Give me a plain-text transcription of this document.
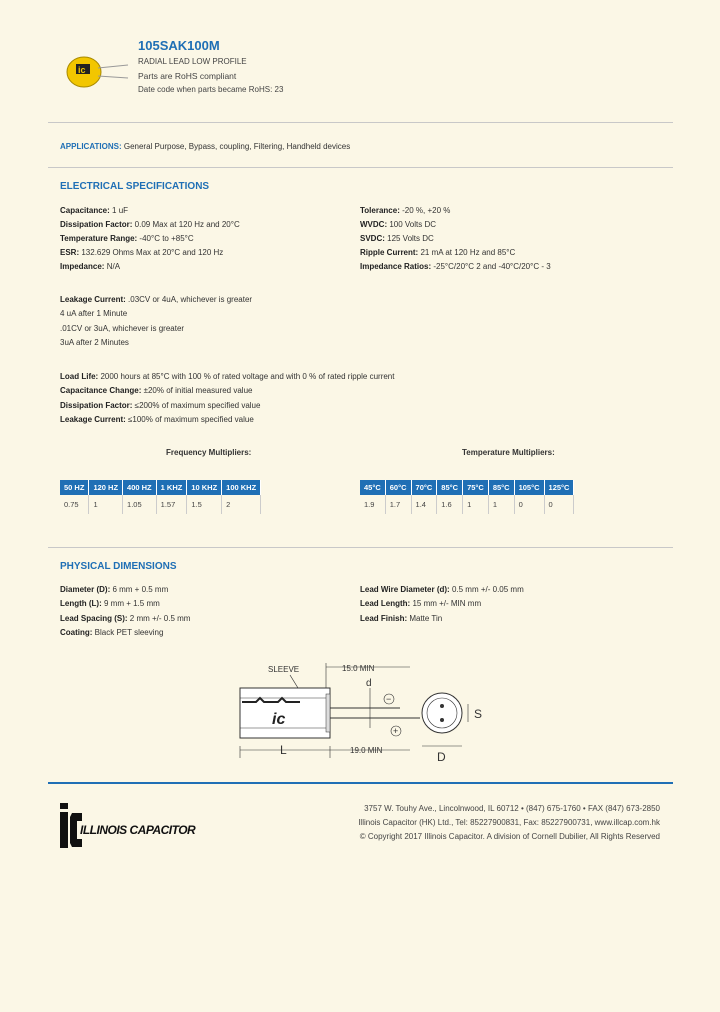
ic
105SAK100M
RADIAL LEAD LOW PROFILE
Parts are RoHS compliant
Date code when parts became RoHS: 23
APPLICATIONS: General Purpose, Bypass, coupling, Filtering, Handheld devices
ELECTRICAL SPECIFICATIONS
Capacitance: 1 uF
Dissipation Factor: 0.09 Max at 120 Hz and 20°C
Temperature Range: -40°C to +85°C
ESR: 132.629 Ohms Max at 20°C and 120 Hz
Impedance: N/A
Tolerance: -20 %, +20 %
WVDC: 100 Volts DC
SVDC: 125 Volts DC
Ripple Current: 21 mA at 120 Hz and 85°C
Impedance Ratios: -25°C/20°C 2 and -40°C/20°C - 3
Leakage Current: .03CV or 4uA, whichever is greater
4 uA after 1 Minute
.01CV or 3uA, whichever is greater
3uA after 2 Minutes
Load Life: 2000 hours at 85°C with 100 % of rated voltage and with 0 % of rated ripple current
Capacitance Change: ±20% of initial measured value
Dissipation Factor: ≤200% of maximum specified value
Leakage Current: ≤100% of maximum specified value
Frequency Multipliers:	Temperature Multipliers:
50 HZ	120 HZ	400 HZ	1 KHZ	10 KHZ	100 KHZ
0.75	1	1.05	1.57	1.5	2
45°C	60°C	70°C	85°C	75°C	85°C	105°C	125°C
1.9	1.7	1.4	1.6	1	1	0	0
PHYSICAL DIMENSIONS
Diameter (D): 6 mm + 0.5 mm
Length (L): 9 mm + 1.5 mm
Lead Spacing (S): 2 mm +/- 0.5 mm
Coating: Black PET sleeving
Lead Wire Diameter (d): 0.5 mm +/- 0.05 mm
Lead Length: 15 mm +/- MIN mm
Lead Finish: Matte Tin
SLEEVE
ic
15.0 MIN
L	19.0 MIN
d
−
+
S
D
ILLINOIS CAPACITOR
3757 W. Touhy Ave., Lincolnwood, IL 60712 • (847) 675-1760 • FAX (847) 673-2850
Illinois Capacitor (HK) Ltd., Tel: 85227900831, Fax: 85227900731, www.illcap.com.hk
© Copyright 2017 Illinois Capacitor. A division of Cornell Dubilier, All Rights Reserved
